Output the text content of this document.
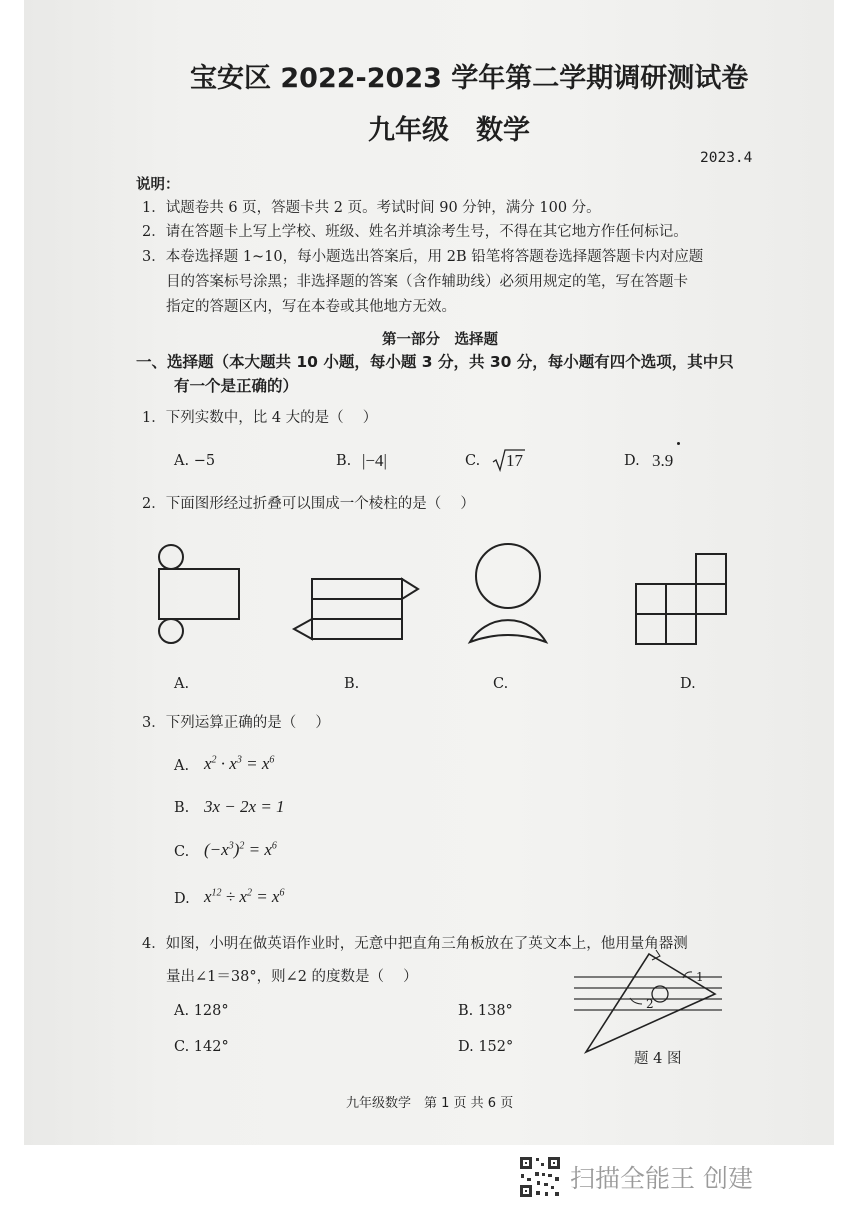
宝安区 2022-2023 学年第二学期调研测试卷
九年级　数学
2023.4
说明：
1．试题卷共 6 页，答题卡共 2 页。考试时间 90 分钟，满分 100 分。
2．请在答题卡上写上学校、班级、姓名并填涂考生号，不得在其它地方作任何标记。
3．本卷选择题 1~10，每小题选出答案后，用 2B 铅笔将答题卷选择题答题卡内对应题
目的答案标号涂黑；非选择题的答案（含作辅助线）必须用规定的笔，写在答题卡
指定的答题区内，写在本卷或其他地方无效。
第一部分　选择题
一、选择题（本大题共 10 小题，每小题 3 分，共 30 分，每小题有四个选项，其中只
有一个是正确的）
1．下列实数中，比 4 大的是（　 ）
A. −5	B. |−4|	C. 17	D. 3.9
2．下面图形经过折叠可以围成一个棱柱的是（　 ）
A.	B.	C.	D.
3．下列运算正确的是（　 ）
A. $x^2 \cdot x^3 = x^6$
B. 3x − 2x = 1
C. $(-x^3)^2 = x^6$
D. $x^{12} \div x^2 = x^6$
4．如图，小明在做英语作业时，无意中把直角三角板放在了英文本上，他用量角器测
量出∠1＝38°，则∠2 的度数是（　 ）
A. 128°	B. 138°
C. 142°	D. 152°
1
2
题 4 图
九年级数学　第 1 页 共 6 页
扫描全能王 创建
